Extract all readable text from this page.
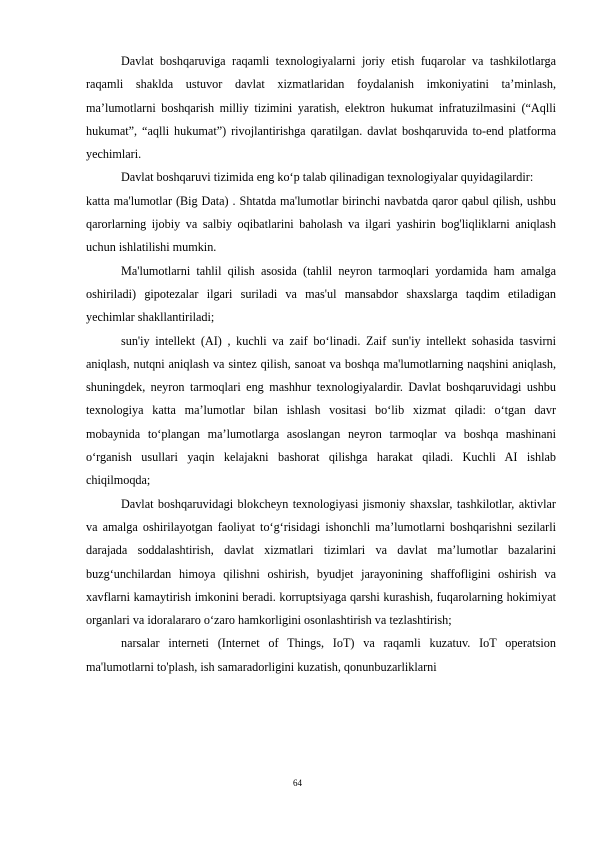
Davlat boshqaruviga raqamli texnologiyalarni joriy etish fuqarolar va tashkilotlarga raqamli shaklda ustuvor davlat xizmatlaridan foydalanish imkoniyatini ta’minlash, ma’lumotlarni boshqarish milliy tizimini yaratish, elektron hukumat infratuzilmasini (“Aqlli hukumat”, “aqlli hukumat”) rivojlantirishga qaratilgan. davlat boshqaruvida to-end platforma yechimlari.

Davlat boshqaruvi tizimida eng ko‘p talab qilinadigan texnologiyalar quyidagilardir:

katta ma'lumotlar (Big Data) . Shtatda ma'lumotlar birinchi navbatda qaror qabul qilish, ushbu qarorlarning ijobiy va salbiy oqibatlarini baholash va ilgari yashirin bog'liqliklarni aniqlash uchun ishlatilishi mumkin.

Ma'lumotlarni tahlil qilish asosida (tahlil neyron tarmoqlari yordamida ham amalga oshiriladi) gipotezalar ilgari suriladi va mas'ul mansabdor shaxslarga taqdim etiladigan yechimlar shakllantiriladi;

sun'iy intellekt (AI) , kuchli va zaif bo‘linadi. Zaif sun'iy intellekt sohasida tasvirni aniqlash, nutqni aniqlash va sintez qilish, sanoat va boshqa ma'lumotlarning naqshini aniqlash, shuningdek, neyron tarmoqlari eng mashhur texnologiyalardir. Davlat boshqaruvidagi ushbu texnologiya katta maʼlumotlar bilan ishlash vositasi boʻlib xizmat qiladi: oʻtgan davr mobaynida toʻplangan maʼlumotlarga asoslangan neyron tarmoqlar va boshqa mashinani oʻrganish usullari yaqin kelajakni bashorat qilishga harakat qiladi. Kuchli AI ishlab chiqilmoqda;

Davlat boshqaruvidagi blokcheyn texnologiyasi jismoniy shaxslar, tashkilotlar, aktivlar va amalga oshirilayotgan faoliyat toʻgʻrisidagi ishonchli maʼlumotlarni boshqarishni sezilarli darajada soddalashtirish, davlat xizmatlari tizimlari va davlat maʼlumotlar bazalarini buzgʻunchilardan himoya qilishni oshirish, byudjet jarayonining shaffofligini oshirish va xavflarni kamaytirish imkonini beradi. korruptsiyaga qarshi kurashish, fuqarolarning hokimiyat organlari va idoralararo oʻzaro hamkorligini osonlashtirish va tezlashtirish;

narsalar interneti (Internet of Things, IoT) va raqamli kuzatuv. IoT operatsion ma'lumotlarni to'plash, ish samaradorligini kuzatish, qonunbuzarliklarni

64
